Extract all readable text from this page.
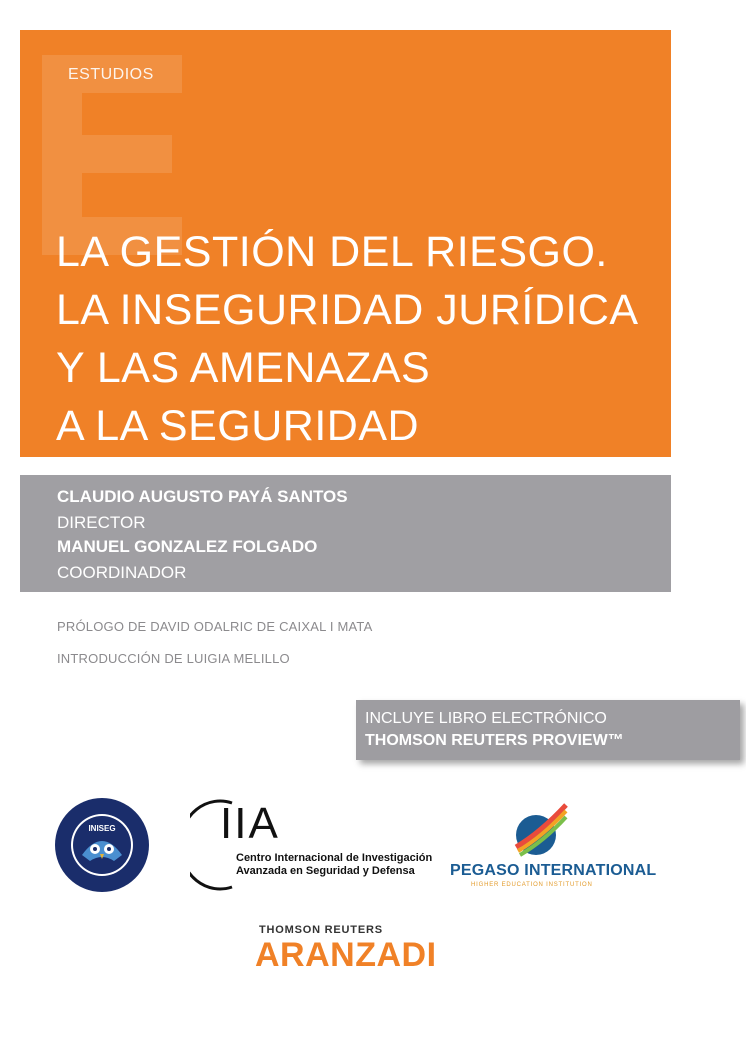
ESTUDIOS
LA GESTIÓN DEL RIESGO.
LA INSEGURIDAD JURÍDICA
Y LAS AMENAZAS
A LA SEGURIDAD
CLAUDIO AUGUSTO PAYÁ SANTOS
DIRECTOR
MANUEL GONZALEZ FOLGADO
COORDINADOR
PRÓLOGO DE DAVID ODALRIC DE CAIXAL I MATA
INTRODUCCIÓN DE LUIGIA MELILLO
INCLUYE LIBRO ELECTRÓNICO
THOMSON REUTERS PROVIEW™
INISEG IIA
Centro Internacional de Investigación
Avanzada en Seguridad y Defensa PEGASO INTERNATIONAL
HIGHER EDUCATION INSTITUTION
THOMSON REUTERS
ARANZADI
